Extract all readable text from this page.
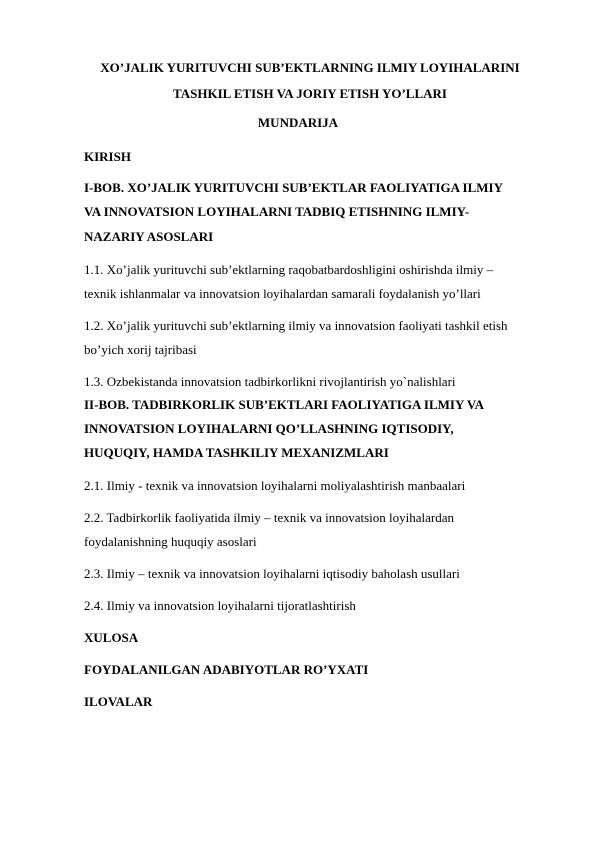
XO’JALIK YURITUVCHI SUB’EKTLARNING ILMIY LOYIHALARINI
TASHKIL ETISH VA JORIY ETISH YO’LLARI
MUNDARIJA
KIRISH
I-BOB. XO’JALIK YURITUVCHI SUB’EKTLAR FAOLIYATIGA ILMIY
VA INNOVATSION LOYIHALARNI TADBIQ ETISHNING ILMIY-
NAZARIY ASOSLARI
1.1. Xo’jalik yurituvchi sub’ektlarning raqobatbardoshligini oshirishda ilmiy –
texnik ishlanmalar va innovatsion loyihalardan samarali foydalanish yo’llari
1.2. Xo’jalik yurituvchi sub’ektlarning ilmiy va innovatsion faoliyati tashkil etish
bo’yich xorij tajribasi
1.3. Ozbekistanda innovatsion tadbirkorlikni rivojlantirish yo`nalishlari
II-BOB. TADBIRKORLIK SUB’EKTLARI FAOLIYATIGA ILMIY VA
INNOVATSION LOYIHALARNI QO’LLASHNING IQTISODIY,
HUQUQIY, HAMDA TASHKILIY MEXANIZMLARI
2.1. Ilmiy - texnik va innovatsion loyihalarni moliyalashtirish manbaalari
2.2. Tadbirkorlik faoliyatida ilmiy – texnik va innovatsion loyihalardan
foydalanishning huquqiy asoslari
2.3. Ilmiy – texnik va innovatsion loyihalarni iqtisodiy baholash usullari
2.4. Ilmiy va innovatsion loyihalarni tijoratlashtirish
XULOSA
FOYDALANILGAN ADABIYOTLAR RO’YXATI
ILOVALAR
